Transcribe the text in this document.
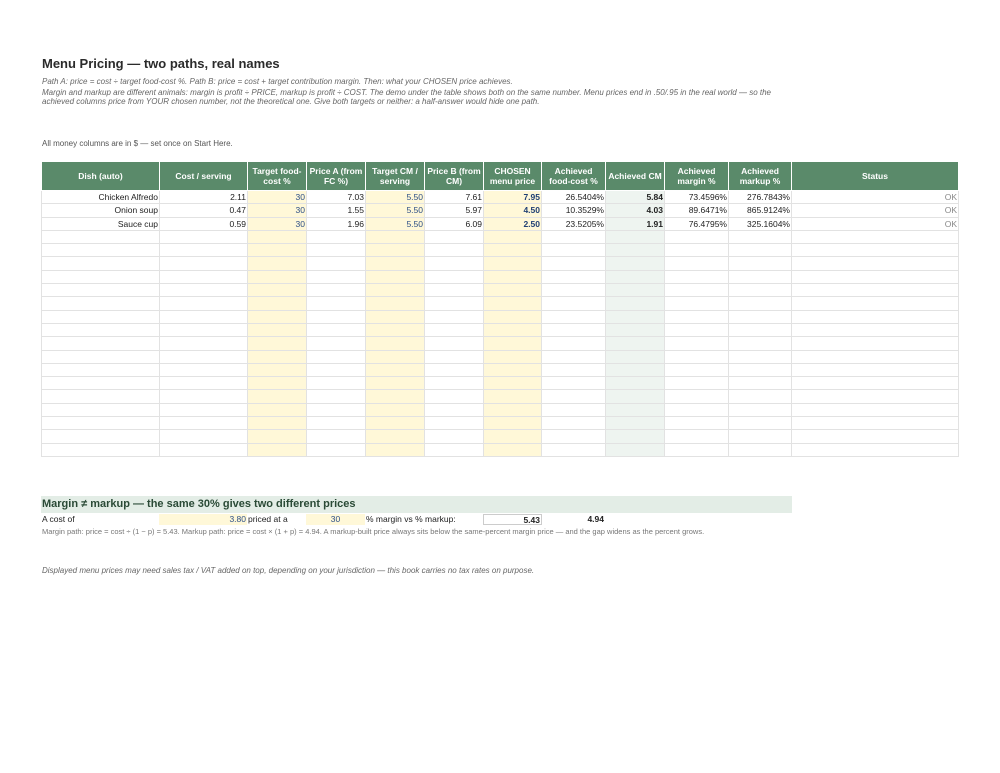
Menu Pricing — two paths, real names
Path A: price = cost ÷ target food-cost %. Path B: price = cost + target contribution margin. Then: what your CHOSEN price achieves.
Margin and markup are different animals: margin is profit ÷ PRICE, markup is profit ÷ COST. The demo under the table shows both on the same number. Menu prices end in .50/.95 in the real world — so the
achieved columns price from YOUR chosen number, not the theoretical one. Give both targets or neither: a half-answer would hide one path.
All money columns are in $ — set once on Start Here.
Dish (auto)	Cost / serving	Target food-cost %	Price A (from FC %)	Target CM / serving	Price B (from CM)	CHOSEN menu price	Achieved food-cost %	Achieved CM	Achieved margin %	Achieved markup %	Status
Chicken Alfredo	2.11	30	7.03	5.50	7.61	7.95	26.5404%	5.84	73.4596%	276.7843%	OK
Onion soup	0.47	30	1.55	5.50	5.97	4.50	10.3529%	4.03	89.6471%	865.9124%	OK
Sauce cup	0.59	30	1.96	5.50	6.09	2.50	23.5205%	1.91	76.4795%	325.1604%	OK

Margin ≠ markup — the same 30% gives two different prices
A cost of	3.80 priced at a	30	% margin vs % markup:	5.43	4.94
Margin path: price = cost ÷ (1 − p) = 5.43. Markup path: price = cost × (1 + p) = 4.94. A markup-built price always sits below the same-percent margin price — and the gap widens as the percent grows.
Displayed menu prices may need sales tax / VAT added on top, depending on your jurisdiction — this book carries no tax rates on purpose.
